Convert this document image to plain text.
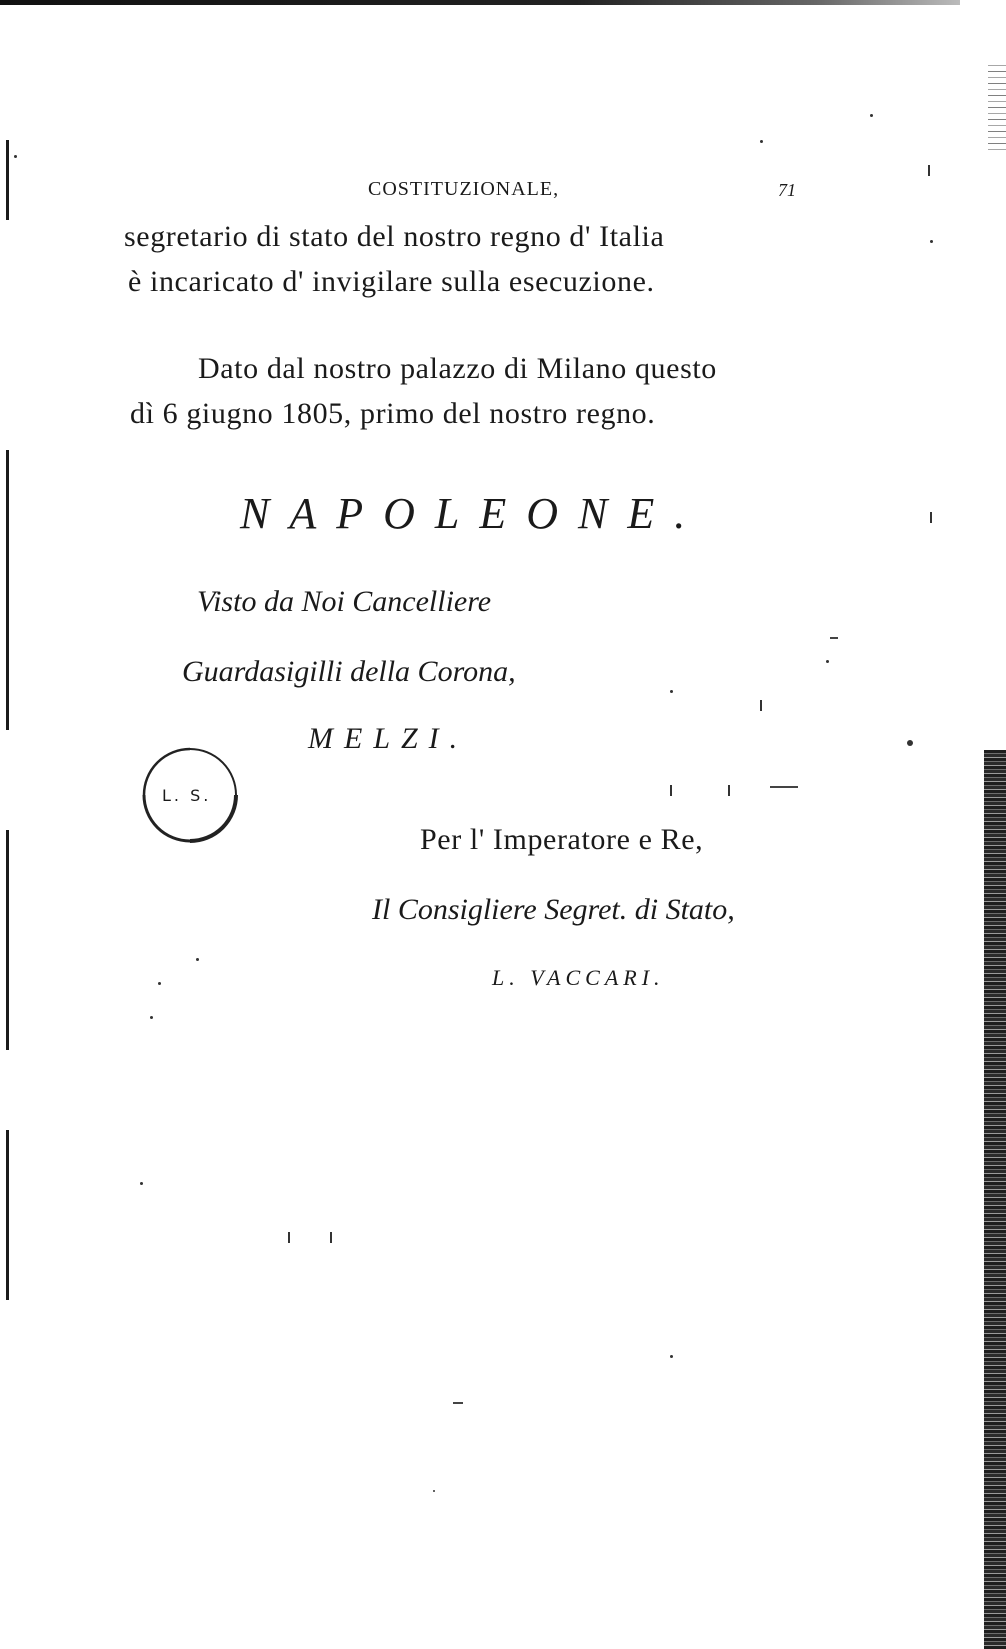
COSTITUZIONALE,	71
segretario di stato del nostro regno d' Italia
è incaricato d' invigilare sulla esecuzione.
Dato dal nostro palazzo di Milano questo
dì 6 giugno 1805, primo del nostro regno.
NAPOLEONE.
Visto da Noi Cancelliere
Guardasigilli della Corona,
MELZI.
L. S.
Per l' Imperatore e Re,
Il Consigliere Segret. di Stato,
L. VACCARI.
